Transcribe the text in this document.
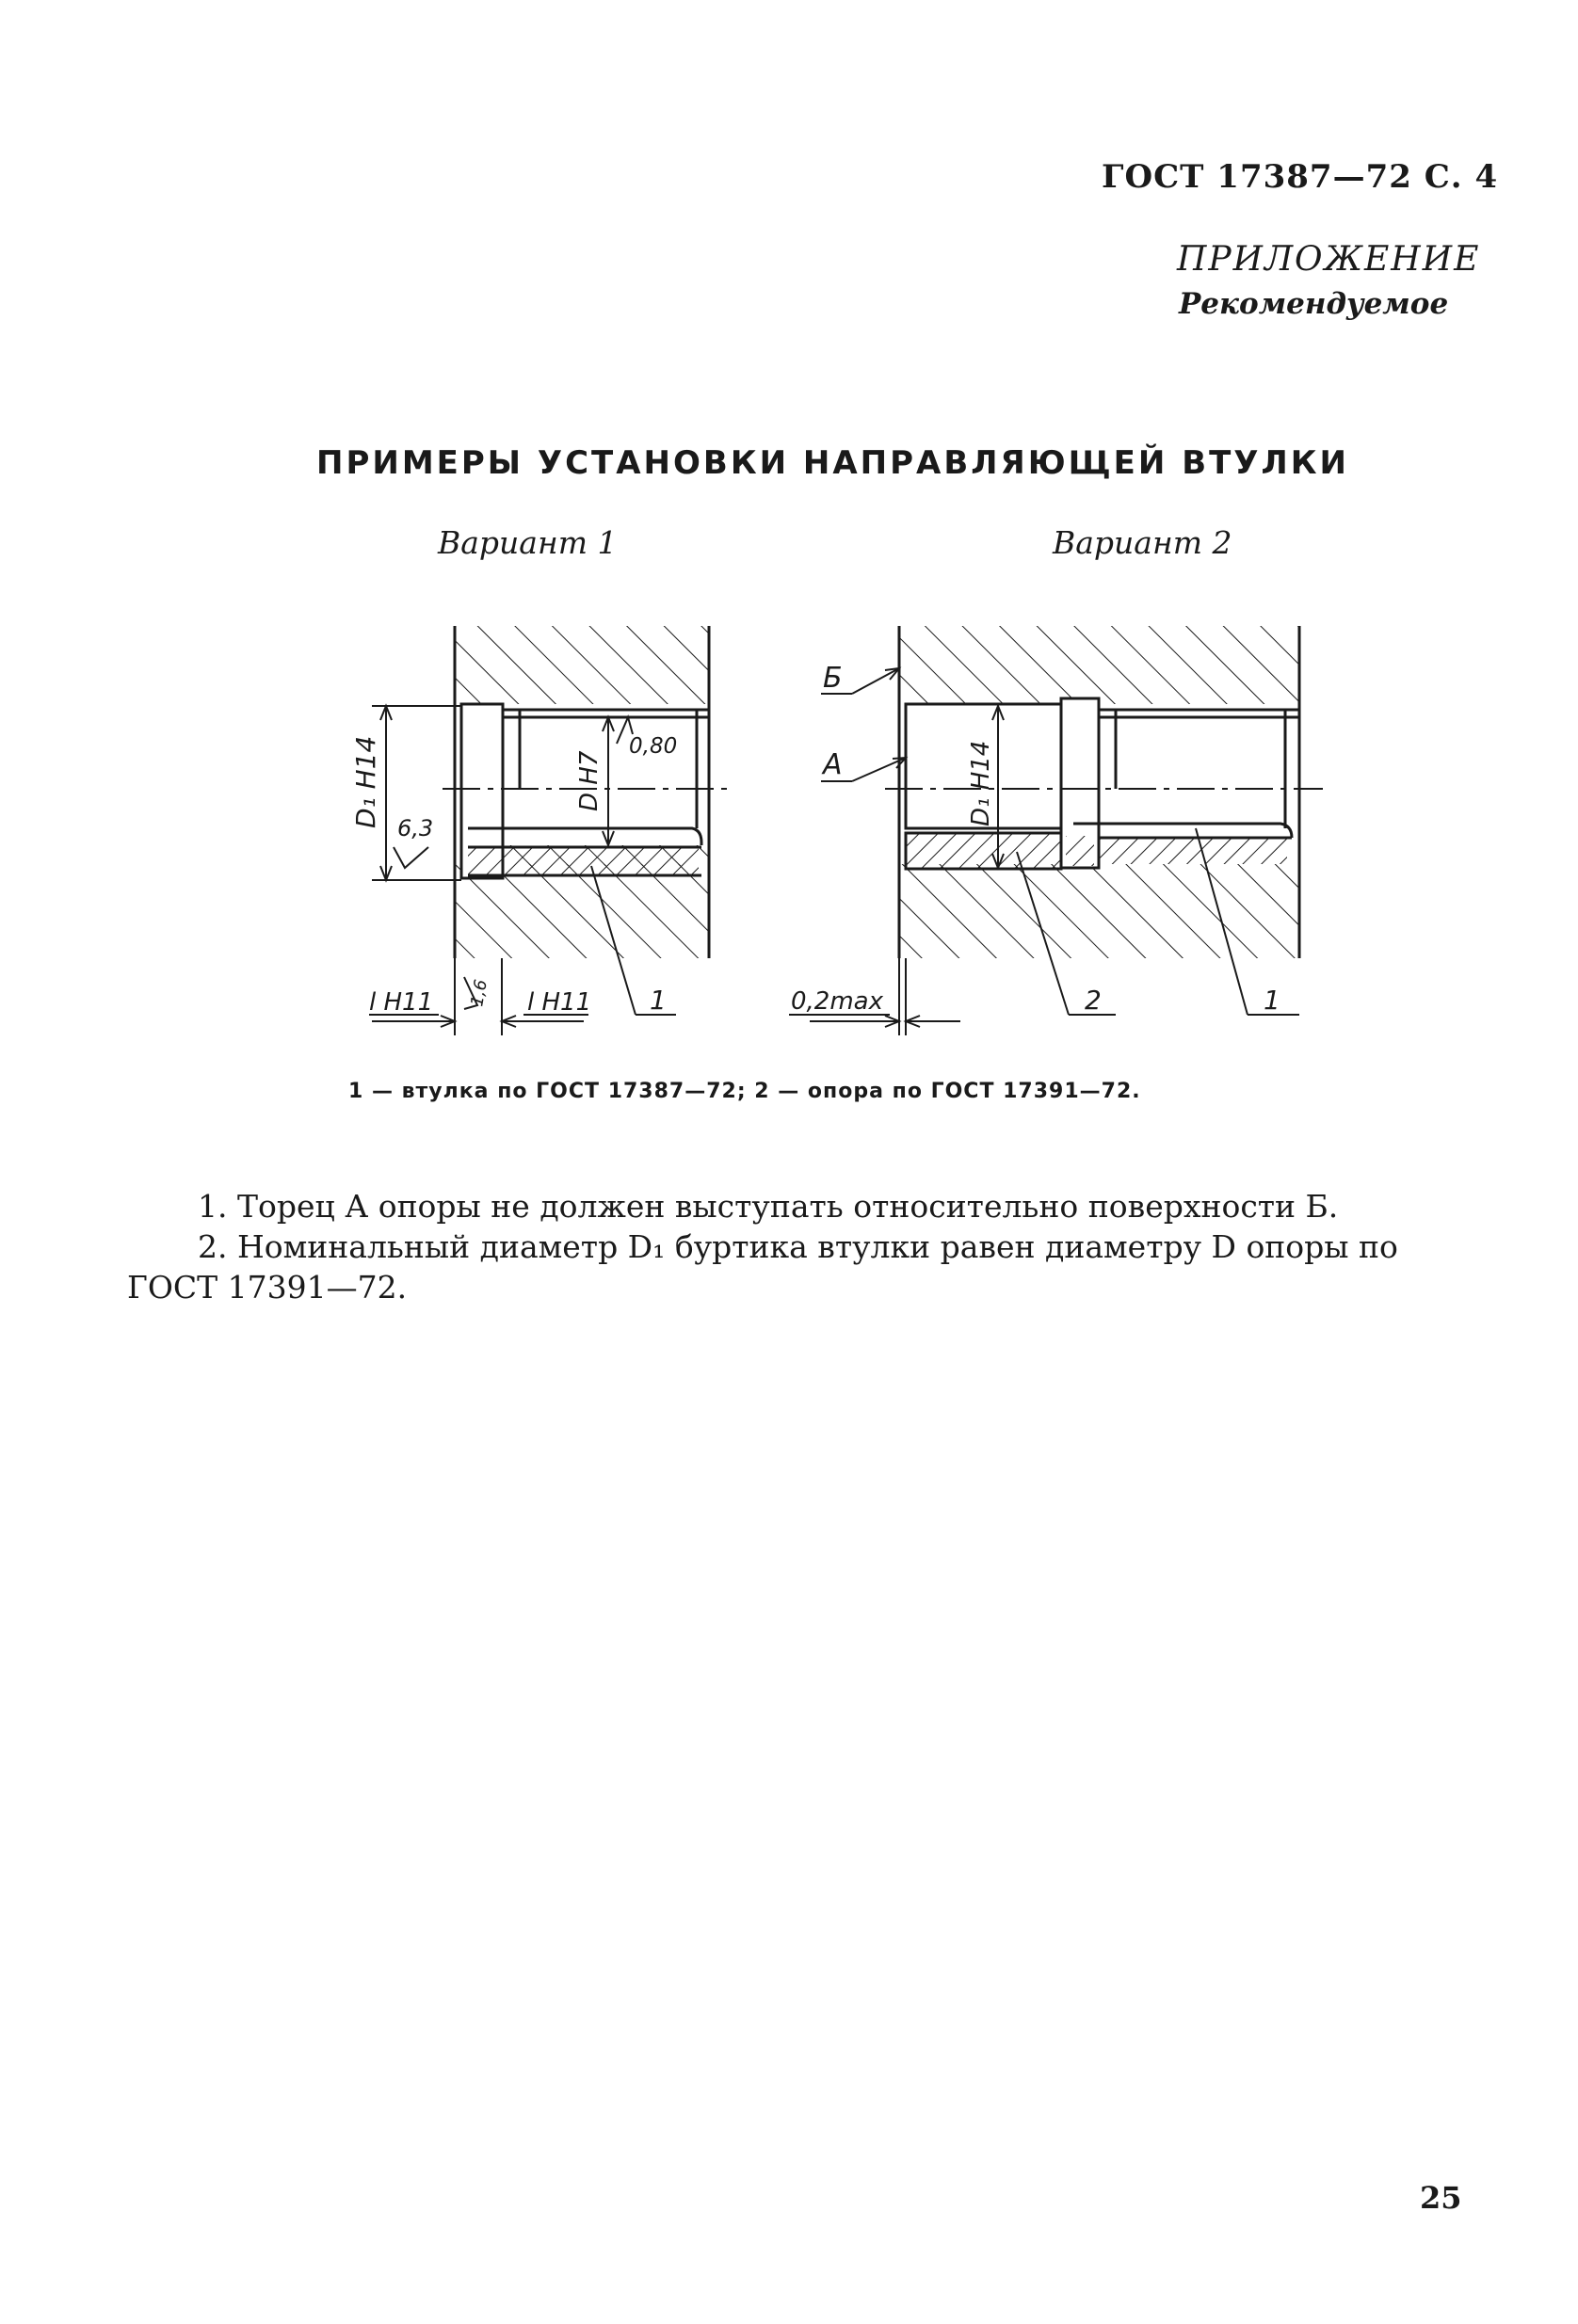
ГОСТ 17387—72 С. 4
ПРИЛОЖЕНИЕ
Рекомендуемое
ПРИМЕРЫ УСТАНОВКИ НАПРАВЛЯЮЩЕЙ ВТУЛКИ
Вариант 1	Вариант 2
D₁ H14 6,3
D H7
0,80
l H11	l H11
1,6	1
D₁ H14
Б
А
0,2max	2	1
1 — втулка по ГОСТ 17387—72; 2 — опора по ГОСТ 17391—72.
1. Торец А опоры не должен выступать относительно поверхности Б.
2. Номинальный диаметр D₁ буртика втулки равен диаметру D опоры по
ГОСТ 17391—72.
25
